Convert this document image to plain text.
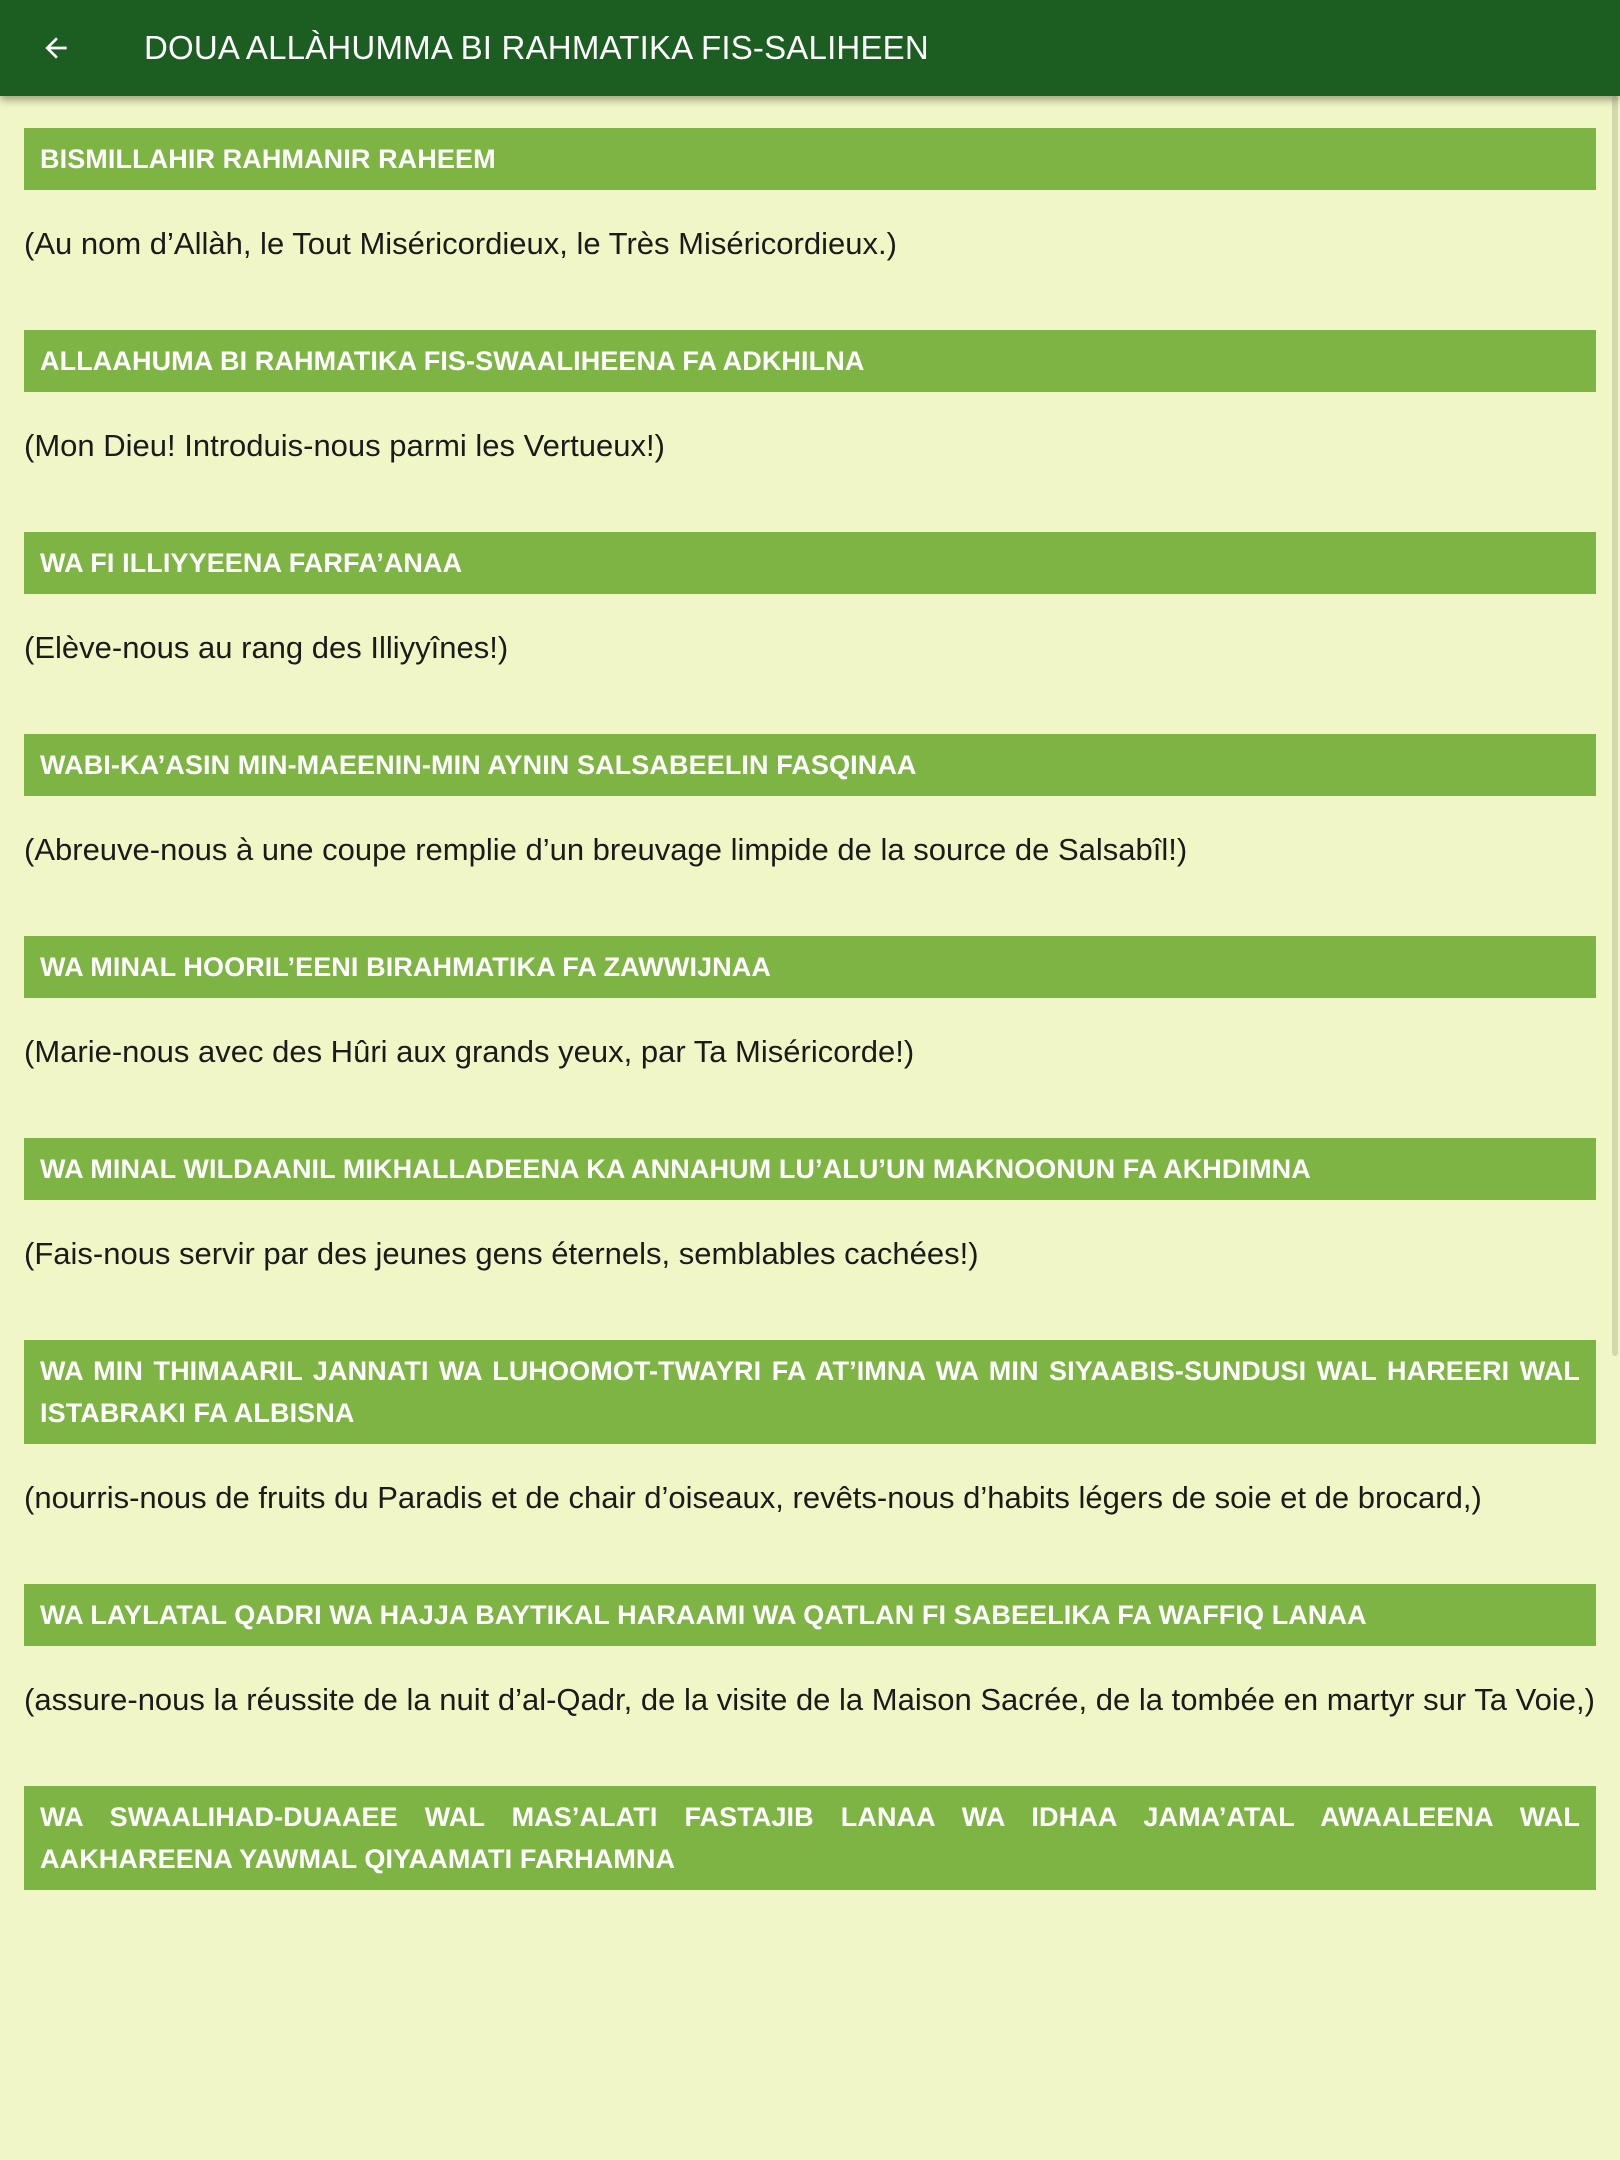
DOUA ALLÀHUMMA BI RAHMATIKA FIS-SALIHEEN
BISMILLAHIR RAHMANIR RAHEEM
(Au nom d’Allàh, le Tout Miséricordieux, le Très Miséricordieux.)
ALLAAHUMA BI RAHMATIKA FIS-SWAALIHEENA FA ADKHILNA
(Mon Dieu! Introduis-nous parmi les Vertueux!)
WA FI ILLIYYEENA FARFA’ANAA
(Elève-nous au rang des Illiyyînes!)
WABI-KA’ASIN MIN-MAEENIN-MIN AYNIN SALSABEELIN FASQINAA
(Abreuve-nous à une coupe remplie d’un breuvage limpide de la source de Salsabîl!)
WA MINAL HOORIL’EENI BIRAHMATIKA FA ZAWWIJNAA
(Marie-nous avec des Hûri aux grands yeux, par Ta Miséricorde!)
WA MINAL WILDAANIL MIKHALLADEENA KA ANNAHUM LU’ALU’UN MAKNOONUN FA AKHDIMNA
(Fais-nous servir par des jeunes gens éternels, semblables cachées!)
WA MIN THIMAARIL JANNATI WA LUHOOMOT-TWAYRI FA AT’IMNA WA MIN SIYAABIS-SUNDUSI WAL HAREERI WAL ISTABRAKI FA ALBISNA
(nourris-nous de fruits du Paradis et de chair d’oiseaux, revêts-nous d’habits légers de soie et de brocard,)
WA LAYLATAL QADRI WA HAJJA BAYTIKAL HARAAMI WA QATLAN FI SABEELIKA FA WAFFIQ LANAA
(assure-nous la réussite de la nuit d’al-Qadr, de la visite de la Maison Sacrée, de la tombée en martyr sur Ta Voie,)
WA SWAALIHAD-DUAAEE WAL MAS’ALATI FASTAJIB LANAA WA IDHAA JAMA’ATAL AWAALEENA WAL AAKHAREENA YAWMAL QIYAAMATI FARHAMNA
